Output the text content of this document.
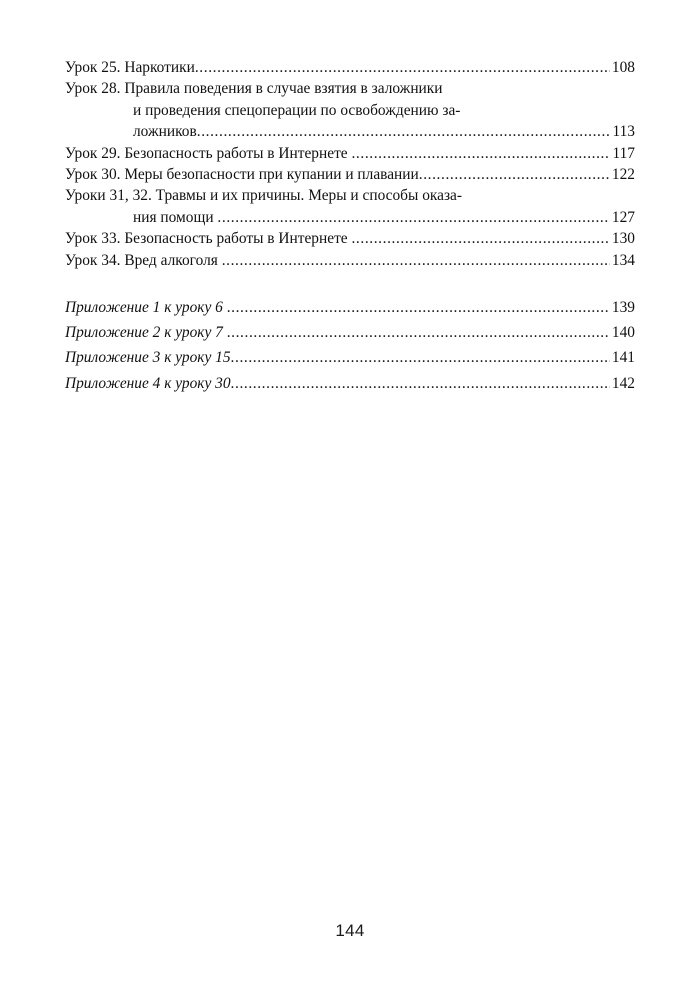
Урок 25. Наркотики .....	108
Урок 28. Правила поведения в случае взятия в заложники
и проведения спецоперации по освобождению за-
ложников .....	113
Урок 29. Безопасность работы в Интернете .....	117
Урок 30. Меры безопасности при купании и плавании .....	122
Уроки 31, 32. Травмы и их причины. Меры и способы оказа-
ния помощи .....	127
Урок 33. Безопасность работы в Интернете .....	130
Урок 34. Вред алкоголя .....	134
Приложение 1 к уроку 6 .....	139
Приложение 2 к уроку 7 .....	140
Приложение 3 к уроку 15 .....	141
Приложение 4 к уроку 30 .....	142
144
